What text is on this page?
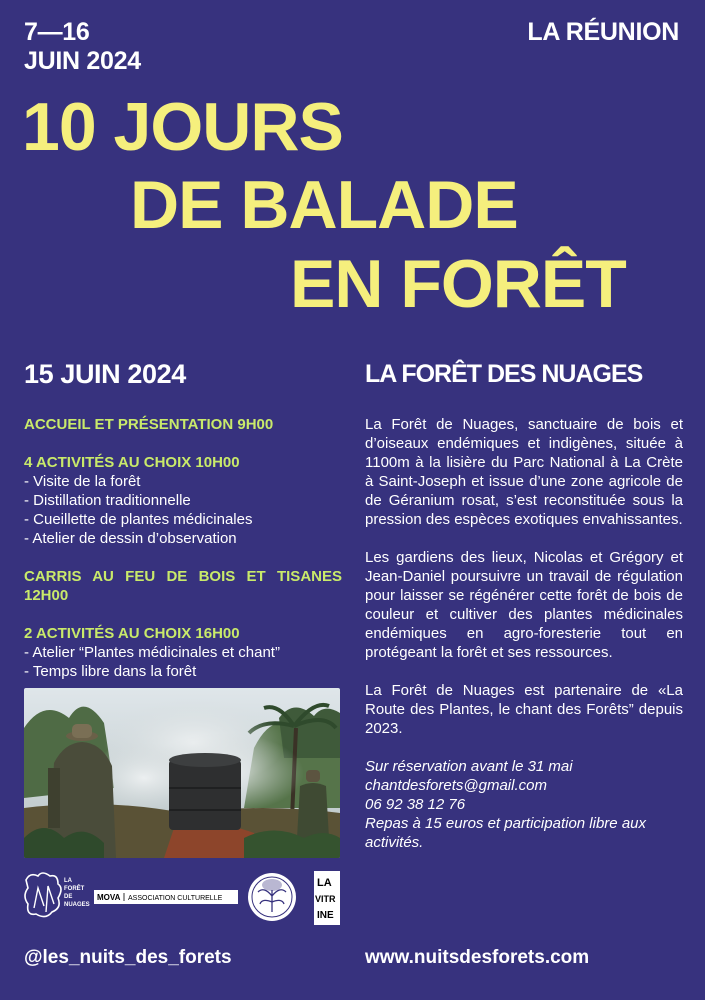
7—16
JUIN 2024
LA RÉUNION
10 JOURS
DE BALADE
EN FORÊT
15 JUIN 2024	LA FORÊT DES NUAGES
ACCUEIL ET PRÉSENTATION 9H00
4 ACTIVITÉS AU CHOIX 10H00
- Visite de la forêt
- Distillation traditionnelle
- Cueillette de plantes médicinales
- Atelier de dessin d’observation
CARRIS AU FEU DE BOIS ET TISANES 12H00
2 ACTIVITÉS AU CHOIX 16H00
- Atelier “Plantes médicinales et chant”
- Temps libre dans la forêt
LA
FORÊT
DE
NUAGES
MOVA ASSOCIATION CULTURELLE
LA
VITR
INE

La Forêt de Nuages, sanctuaire de bois et d’oiseaux endémiques et indigènes, située à 1100m à la lisière du Parc National à La Crète à Saint-Joseph et issue d’une zone agricole de de Géranium rosat, s’est reconstituée sous la pression des espèces exotiques envahissantes.

Les gardiens des lieux, Nicolas et Grégory et Jean-Daniel poursuivre un travail de régulation pour laisser se régénérer cette forêt de bois de couleur et cultiver des plantes médicinales endémiques en agro-foresterie tout en protégeant la forêt et ses ressources.

La Forêt de Nuages est partenaire de «La Route des Plantes, le chant des Forêts” depuis 2023.

Sur réservation avant le 31 mai
chantdesforets@gmail.com
06 92 38 12 76
Repas à 15 euros et participation libre aux activités.
@les_nuits_des_forets	www.nuitsdesforets.com
